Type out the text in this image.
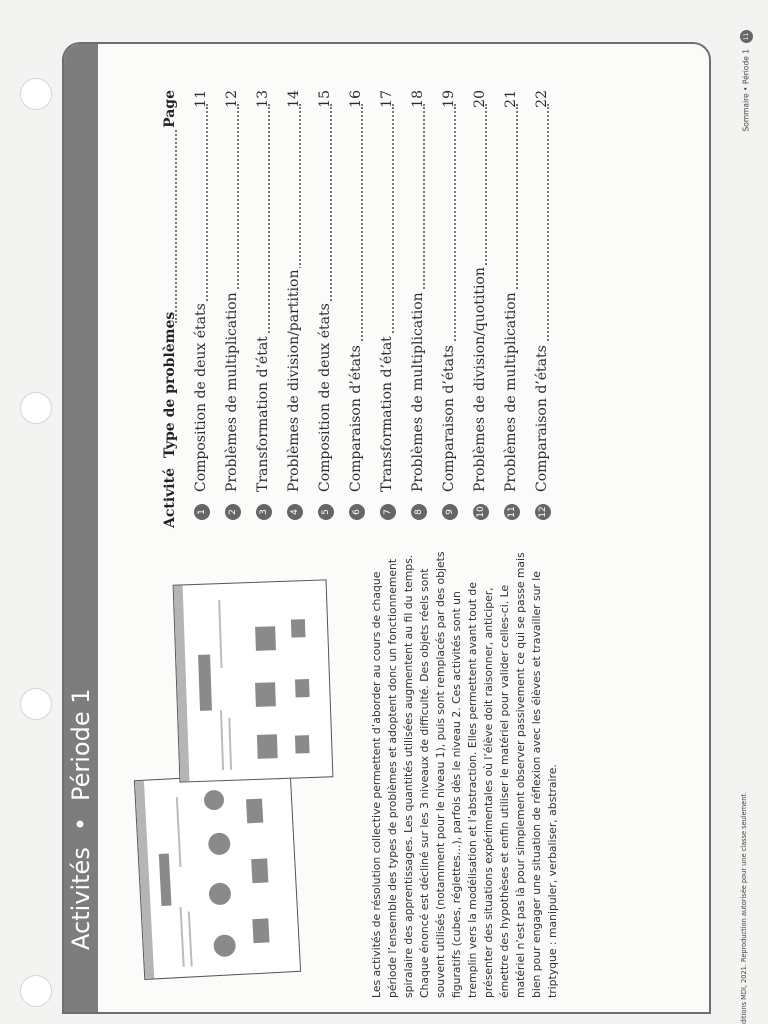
Activités•Période 1	Les activités de résolution collective permettent d’aborder au cours de chaque période l’ensemble des types de problèmes et adoptent donc un fonctionnement spiralaire des apprentissages. Les quantités utilisées augmentent au fil du temps. Chaque énoncé est décliné sur les 3 niveaux de difficulté. Des objets réels sont souvent utilisés (notamment pour le niveau 1), puis sont remplacés par des objets figuratifs (cubes, réglettes…), parfois dès le niveau 2. Ces activités sont un tremplin vers la modélisation et l’abstraction. Elles permettent avant tout de présenter des situations expérimentales où l’élève doit raisonner, anticiper, émettre des hypothèses et enfin utiliser le matériel pour valider celles-ci. Le matériel n’est pas là pour simplement observer passivement ce qui se passe mais bien pour engager une situation de réflexion avec les élèves et travailler sur le triptyque : manipuler, verbaliser, abstraire.

Activité
Type de problèmes
Page
1
Composition de deux états
11
2
Problèmes de multiplication
12
3
Transformation d’état
13
4
Problèmes de division/partition
14
5
Composition de deux états
15
6
Comparaison d’états
16
7
Transformation d’état
17
8
Problèmes de multiplication
18
9
Comparaison d’états
19
10
Problèmes de division/quotition
20
11
Problèmes de multiplication
21
12
Comparaison d’états
22
ditions MDI, 2021. Reproduction autorisée pour une classe seulement.
Sommaire • Période 111
